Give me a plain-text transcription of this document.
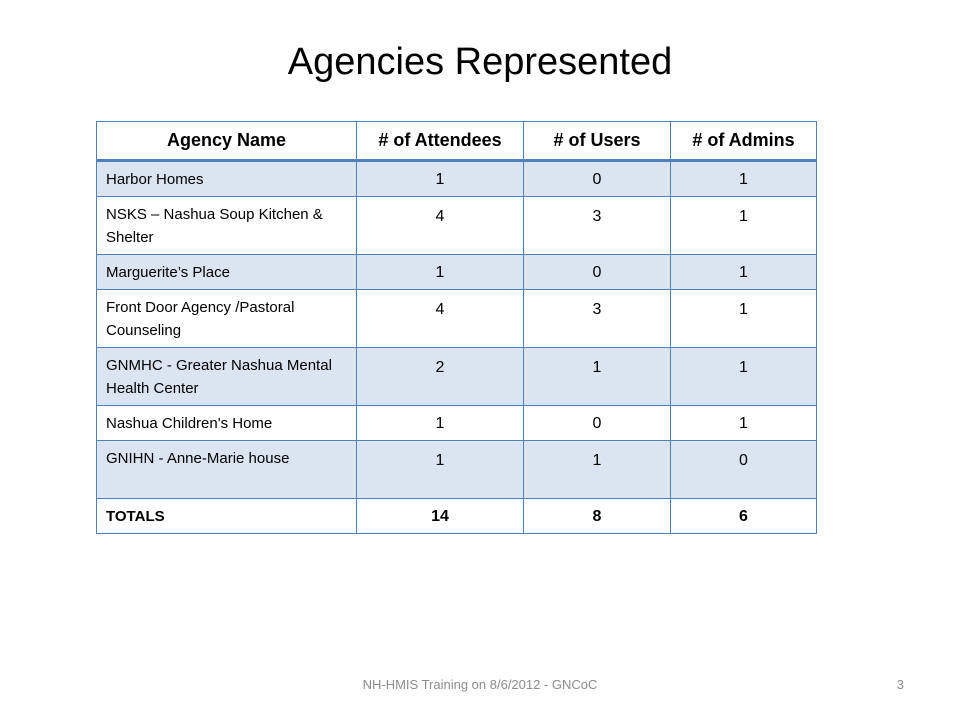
Agencies Represented
Agency Name	# of Attendees	# of Users	# of Admins
Harbor Homes	1	0	1
NSKS – Nashua Soup Kitchen & Shelter	4	3	1
Marguerite’s Place	1	0	1
Front Door Agency /Pastoral Counseling	4	3	1
GNMHC - Greater Nashua Mental Health Center	2	1	1
Nashua Children's Home	1	0	1
GNIHN - Anne-Marie house	1	1	0
TOTALS	14	8	6
NH-HMIS Training on 8/6/2012 - GNCoC	3
